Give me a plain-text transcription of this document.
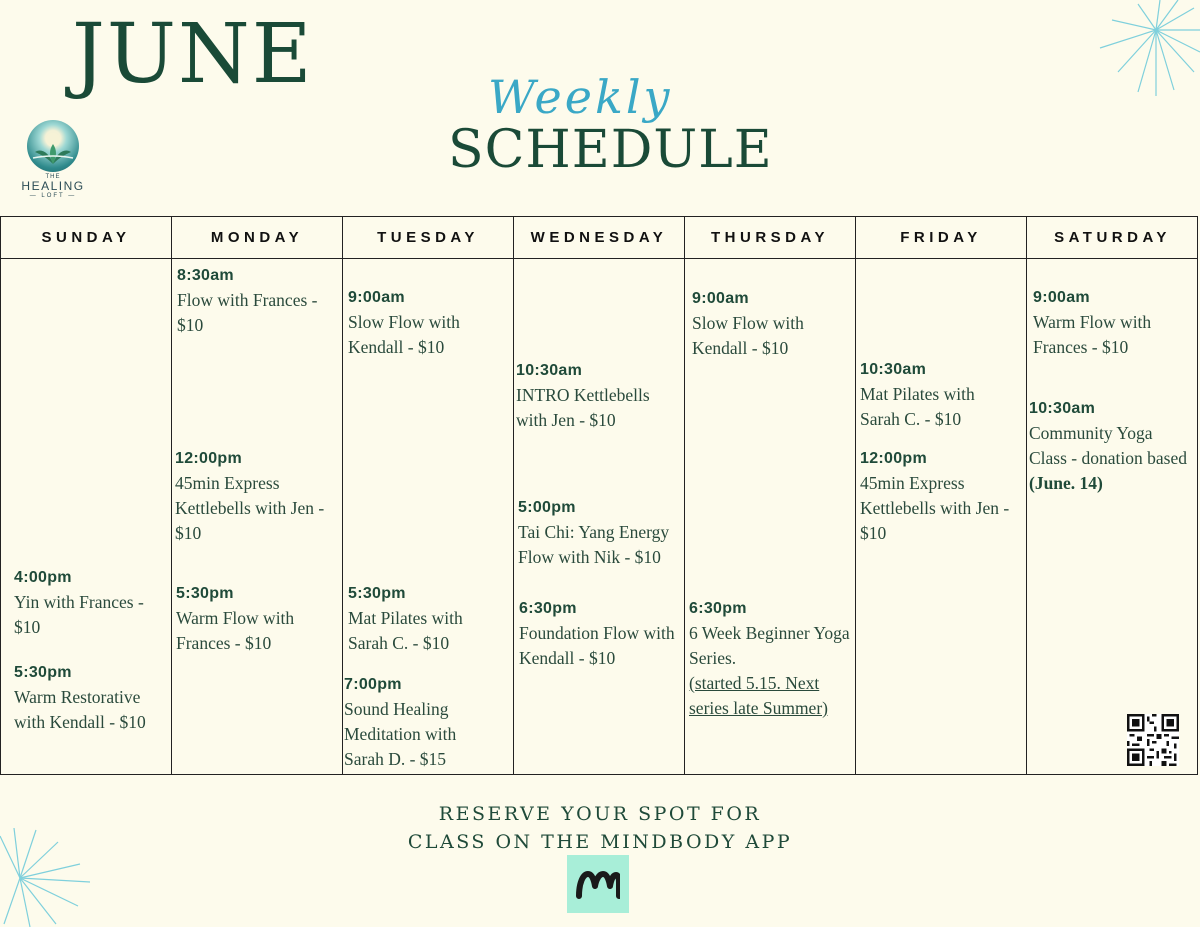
JUNE
THE
HEALING
— LOFT —
Weekly
SCHEDULE
SUNDAY
4:00pm
Yin with Frances - $10
5:30pm
Warm Restorative with Kendall - $10
MONDAY
8:30am
Flow with Frances - $10
12:00pm
45min Express Kettlebells with Jen - $10
5:30pm
Warm Flow with Frances - $10
TUESDAY
9:00am
Slow Flow with Kendall - $10
5:30pm
Mat Pilates with Sarah C. - $10
7:00pm
Sound Healing Meditation with Sarah D. - $15
WEDNESDAY
10:30am
INTRO Kettlebells with Jen - $10
5:00pm
Tai Chi: Yang Energy Flow with Nik - $10
6:30pm
Foundation Flow with Kendall - $10
THURSDAY
9:00am
Slow Flow with Kendall - $10
6:30pm
6 Week Beginner Yoga Series.
(started 5.15. Next series late Summer)
FRIDAY
10:30am
Mat Pilates with Sarah C. - $10
12:00pm
45min Express Kettlebells with Jen - $10
SATURDAY
9:00am
Warm Flow with Frances - $10
10:30am
Community Yoga Class - donation based (June. 14)
RESERVE YOUR SPOT FOR
CLASS ON THE MINDBODY APP
